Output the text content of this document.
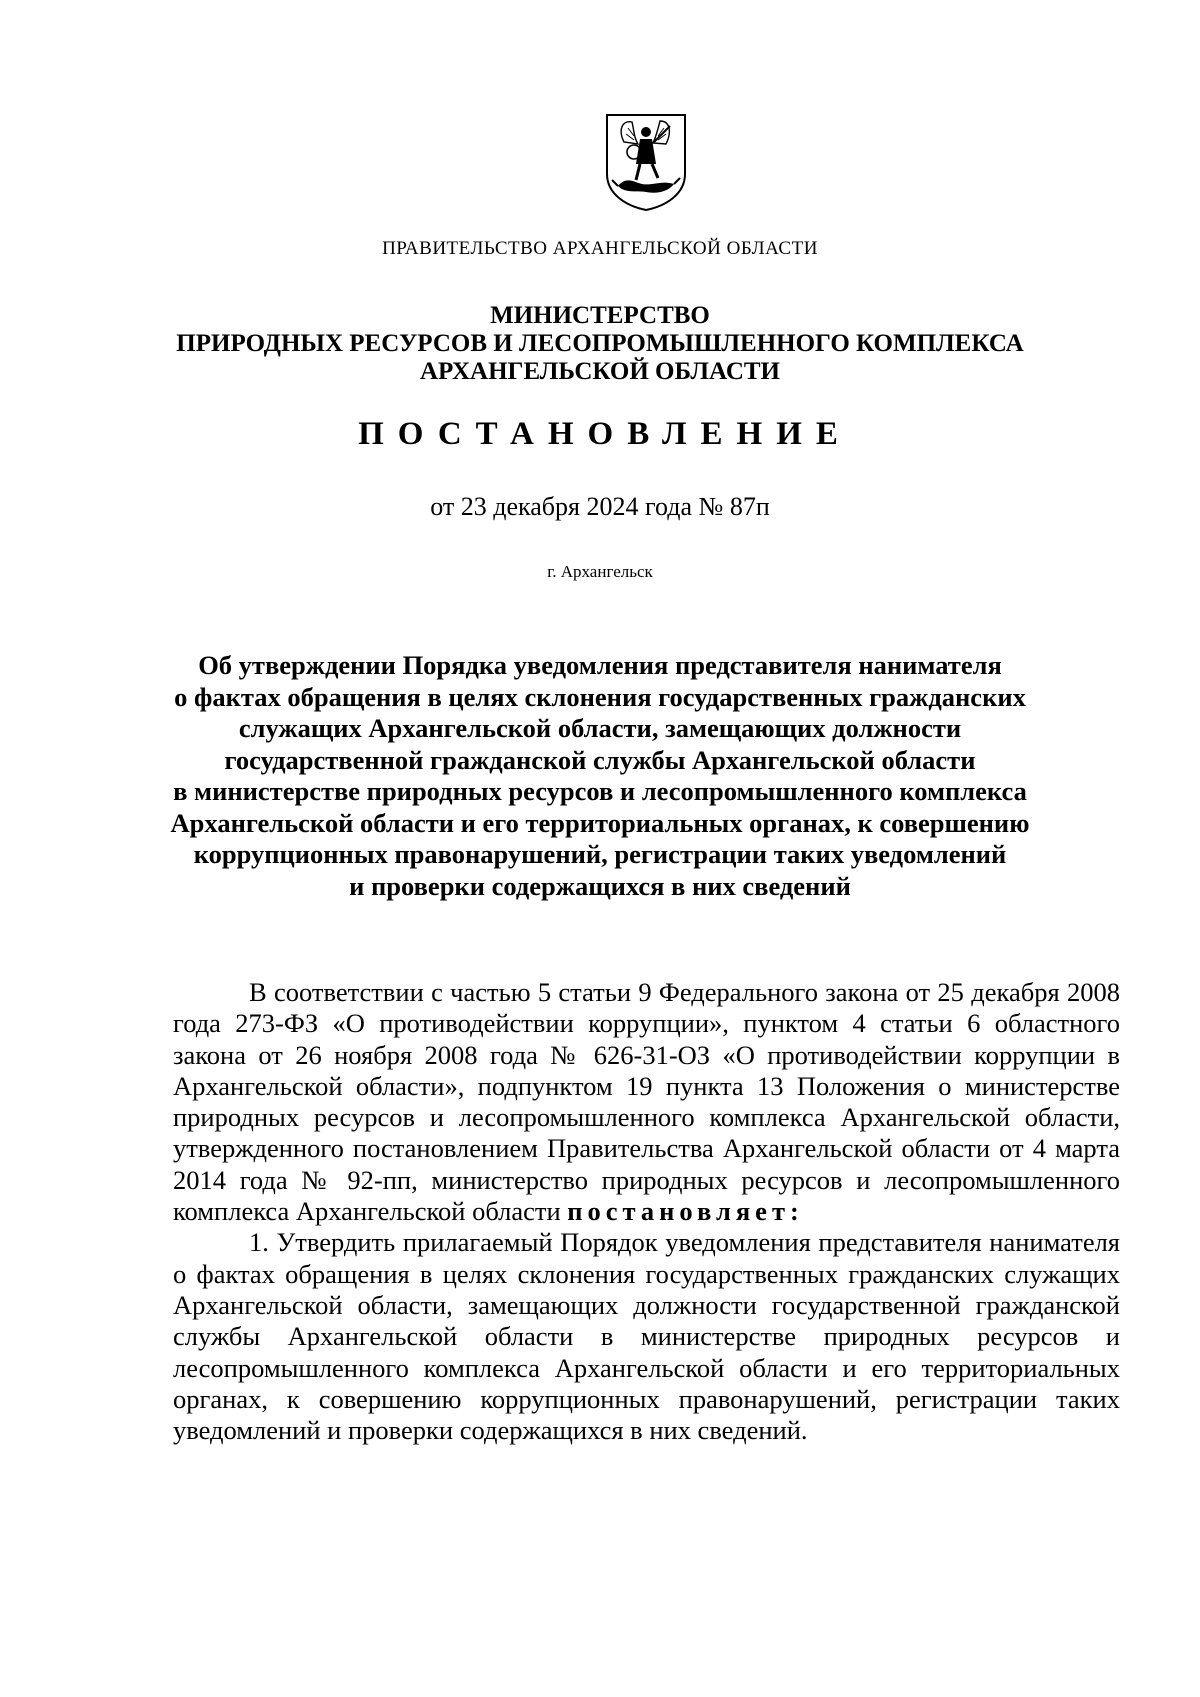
ПРАВИТЕЛЬСТВО АРХАНГЕЛЬСКОЙ ОБЛАСТИ
МИНИСТЕРСТВО
ПРИРОДНЫХ РЕСУРСОВ И ЛЕСОПРОМЫШЛЕННОГО КОМПЛЕКСА
АРХАНГЕЛЬСКОЙ ОБЛАСТИ
ПОСТАНОВЛЕНИЕ
от 23 декабря 2024 года № 87п
г. Архангельск
Об утверждении Порядка уведомления представителя нанимателя
о фактах обращения в целях склонения государственных гражданских
служащих Архангельской области, замещающих должности
государственной гражданской службы Архангельской области
в министерстве природных ресурсов и лесопромышленного комплекса
Архангельской области и его территориальных органах, к совершению
коррупционных правонарушений, регистрации таких уведомлений
и проверки содержащихся в них сведений

В соответствии с частью 5 статьи 9 Федерального закона от 25 декабря 2008 года 273-ФЗ «О противодействии коррупции», пунктом 4 статьи 6 областного закона от 26 ноября 2008 года № 626-31-ОЗ «О противодействии коррупции в Архангельской области», подпунктом 19 пункта 13 Положения о министерстве природных ресурсов и лесопромышленного комплекса Архангельской области, утвержденного постановлением Правительства Архангельской области от 4 марта 2014 года № 92-пп, министерство природных ресурсов и лесопромышленного комплекса Архангельской области постановляет:

1. Утвердить прилагаемый Порядок уведомления представителя нанимателя о фактах обращения в целях склонения государственных гражданских служащих Архангельской области, замещающих должности государственной гражданской службы Архангельской области в министерстве природных ресурсов и лесопромышленного комплекса Архангельской области и его территориальных органах, к совершению коррупционных правонарушений, регистрации таких уведомлений и проверки содержащихся в них сведений.
